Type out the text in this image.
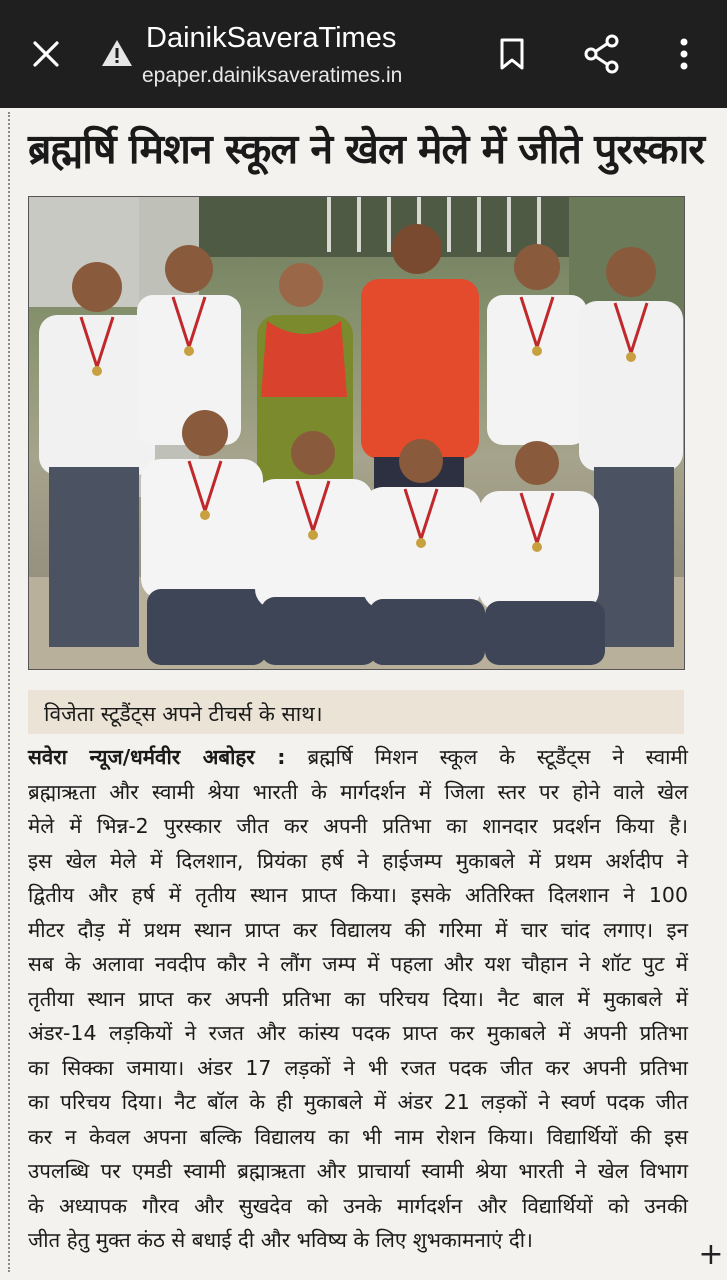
DainikSaveraTimes
epaper.dainiksaveratimes.in
ब्रह्मर्षि मिशन स्कूल ने खेल मेले में जीते पुरस्कार
विजेता स्टूडैंट्स अपने टीचर्स के साथ।
सवेरा न्यूज/धर्मवीर अबोहर : ब्रह्मर्षि मिशन स्कूल के स्टूडैंट्स ने स्वामी
ब्रह्माऋता और स्वामी श्रेया भारती के मार्गदर्शन में जिला स्तर पर होने वाले खेल
मेले में भिन्न-2 पुरस्कार जीत कर अपनी प्रतिभा का शानदार प्रदर्शन किया है।
इस खेल मेले में दिलशान, प्रियंका हर्ष ने हाईजम्प मुकाबले में प्रथम अर्शदीप ने
द्वितीय और हर्ष में तृतीय स्थान प्राप्त किया। इसके अतिरिक्त दिलशान ने 100
मीटर दौड़ में प्रथम स्थान प्राप्त कर विद्यालय की गरिमा में चार चांद लगाए। इन
सब के अलावा नवदीप कौर ने लौंग जम्प में पहला और यश चौहान ने शॉट पुट में
तृतीया स्थान प्राप्त कर अपनी प्रतिभा का परिचय दिया। नैट बाल में मुकाबले में
अंडर-14 लड़कियों ने रजत और कांस्य पदक प्राप्त कर मुकाबले में अपनी प्रतिभा
का सिक्का जमाया। अंडर 17 लड़कों ने भी रजत पदक जीत कर अपनी प्रतिभा
का परिचय दिया। नैट बॉल के ही मुकाबले में अंडर 21 लड़कों ने स्वर्ण पदक जीत
कर न केवल अपना बल्कि विद्यालय का भी नाम रोशन किया। विद्यार्थियों की इस
उपलब्धि पर एमडी स्वामी ब्रह्माऋता और प्राचार्या स्वामी श्रेया भारती ने खेल विभाग
के अध्यापक गौरव और सुखदेव को उनके मार्गदर्शन और विद्यार्थियों को उनकी
जीत हेतु मुक्त कंठ से बधाई दी और भविष्य के लिए शुभकामनाएं दी।	+
